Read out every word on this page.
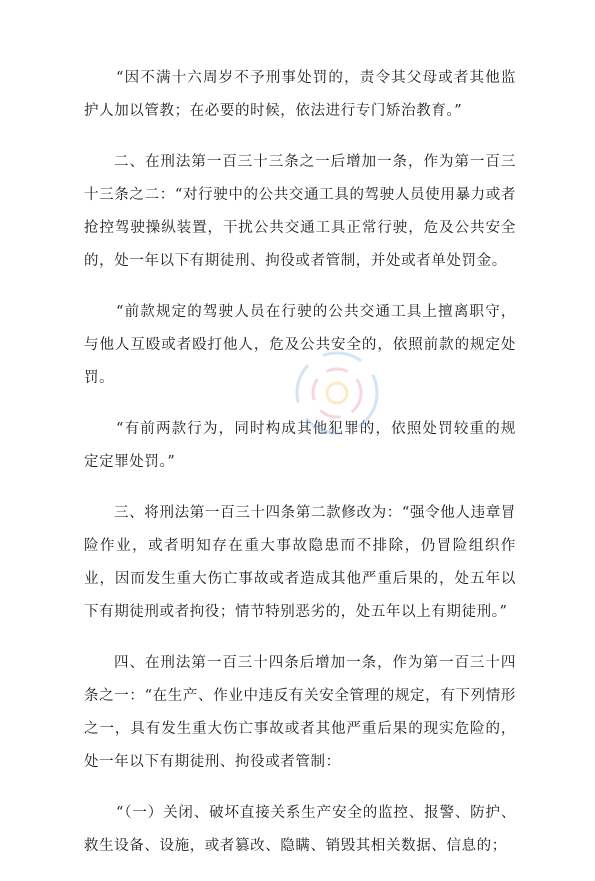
“因不满十六周岁不予刑事处罚的，责令其父母或者其他监护人加以管教；在必要的时候，依法进行专门矫治教育。”

二、在刑法第一百三十三条之一后增加一条，作为第一百三十三条之二：“对行驶中的公共交通工具的驾驶人员使用暴力或者抢控驾驶操纵装置，干扰公共交通工具正常行驶，危及公共安全的，处一年以下有期徒刑、拘役或者管制，并处或者单处罚金。

“前款规定的驾驶人员在行驶的公共交通工具上擅离职守，与他人互殴或者殴打他人，危及公共安全的，依照前款的规定处罚。

“有前两款行为，同时构成其他犯罪的，依照处罚较重的规定定罪处罚。”

三、将刑法第一百三十四条第二款修改为：“强令他人违章冒险作业，或者明知存在重大事故隐患而不排除，仍冒险组织作业，因而发生重大伤亡事故或者造成其他严重后果的，处五年以下有期徒刑或者拘役；情节特别恶劣的，处五年以上有期徒刑。”

四、在刑法第一百三十四条后增加一条，作为第一百三十四条之一：“在生产、作业中违反有关安全管理的规定，有下列情形之一，具有发生重大伤亡事故或者其他严重后果的现实危险的，处一年以下有期徒刑、拘役或者管制：

“（一）关闭、破坏直接关系生产安全的监控、报警、防护、救生设备、设施，或者篡改、隐瞒、销毁其相关数据、信息的；
